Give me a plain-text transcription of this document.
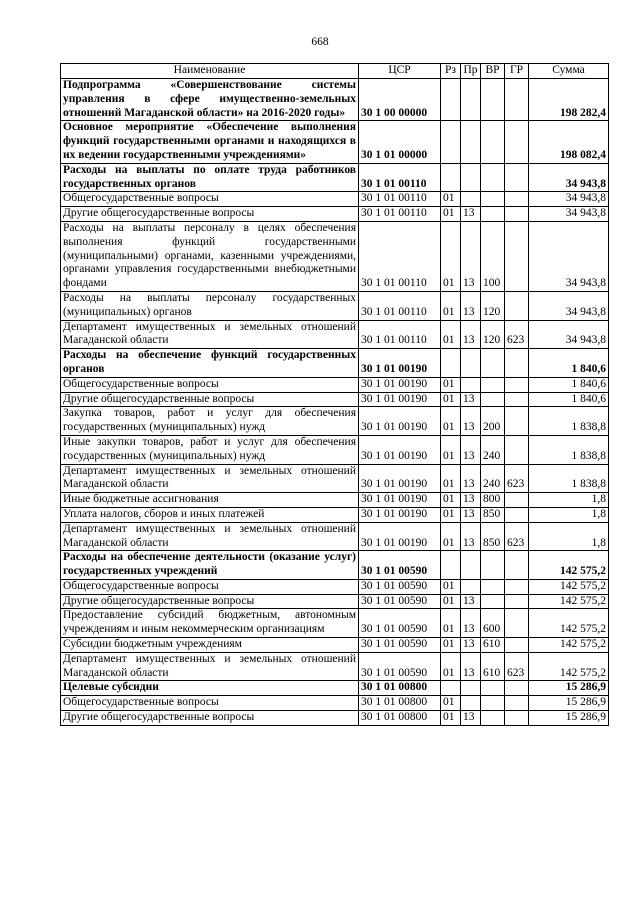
668
Наименование	ЦСР	Рз	Пр	ВР	ГР	Сумма
Подпрограмма «Совершенствование системы управления в сфере имущественно-земельных отношений Магаданской области» на 2016-2020 годы»	30 1 00 00000					198 282,4
Основное мероприятие «Обеспечение выполнения функций государственными органами и находящихся в их ведении государственными учреждениями»	30 1 01 00000					198 082,4
Расходы на выплаты по оплате труда работников государственных органов	30 1 01 00110					34 943,8
Общегосударственные вопросы	30 1 01 00110	01				34 943,8
Другие общегосударственные вопросы	30 1 01 00110	01	13			34 943,8
Расходы на выплаты персоналу в целях обеспечения выполнения функций государственными (муниципальными) органами, казенными учреждениями, органами управления государственными внебюджетными фондами	30 1 01 00110	01	13	100		34 943,8
Расходы на выплаты персоналу государственных (муниципальных) органов	30 1 01 00110	01	13	120		34 943,8
Департамент имущественных и земельных отношений Магаданской области	30 1 01 00110	01	13	120	623	34 943,8
Расходы на обеспечение функций государственных органов	30 1 01 00190					1 840,6
Общегосударственные вопросы	30 1 01 00190	01				1 840,6
Другие общегосударственные вопросы	30 1 01 00190	01	13			1 840,6
Закупка товаров, работ и услуг для обеспечения государственных (муниципальных) нужд	30 1 01 00190	01	13	200		1 838,8
Иные закупки товаров, работ и услуг для обеспечения государственных (муниципальных) нужд	30 1 01 00190	01	13	240		1 838,8
Департамент имущественных и земельных отношений Магаданской области	30 1 01 00190	01	13	240	623	1 838,8
Иные бюджетные ассигнования	30 1 01 00190	01	13	800		1,8
Уплата налогов, сборов и иных платежей	30 1 01 00190	01	13	850		1,8
Департамент имущественных и земельных отношений Магаданской области	30 1 01 00190	01	13	850	623	1,8
Расходы на обеспечение деятельности (оказание услуг) государственных учреждений	30 1 01 00590					142 575,2
Общегосударственные вопросы	30 1 01 00590	01				142 575,2
Другие общегосударственные вопросы	30 1 01 00590	01	13			142 575,2
Предоставление субсидий бюджетным, автономным учреждениям и иным некоммерческим организациям	30 1 01 00590	01	13	600		142 575,2
Субсидии бюджетным учреждениям	30 1 01 00590	01	13	610		142 575,2
Департамент имущественных и земельных отношений Магаданской области	30 1 01 00590	01	13	610	623	142 575,2
Целевые субсидии	30 1 01 00800					15 286,9
Общегосударственные вопросы	30 1 01 00800	01				15 286,9
Другие общегосударственные вопросы	30 1 01 00800	01	13			15 286,9
